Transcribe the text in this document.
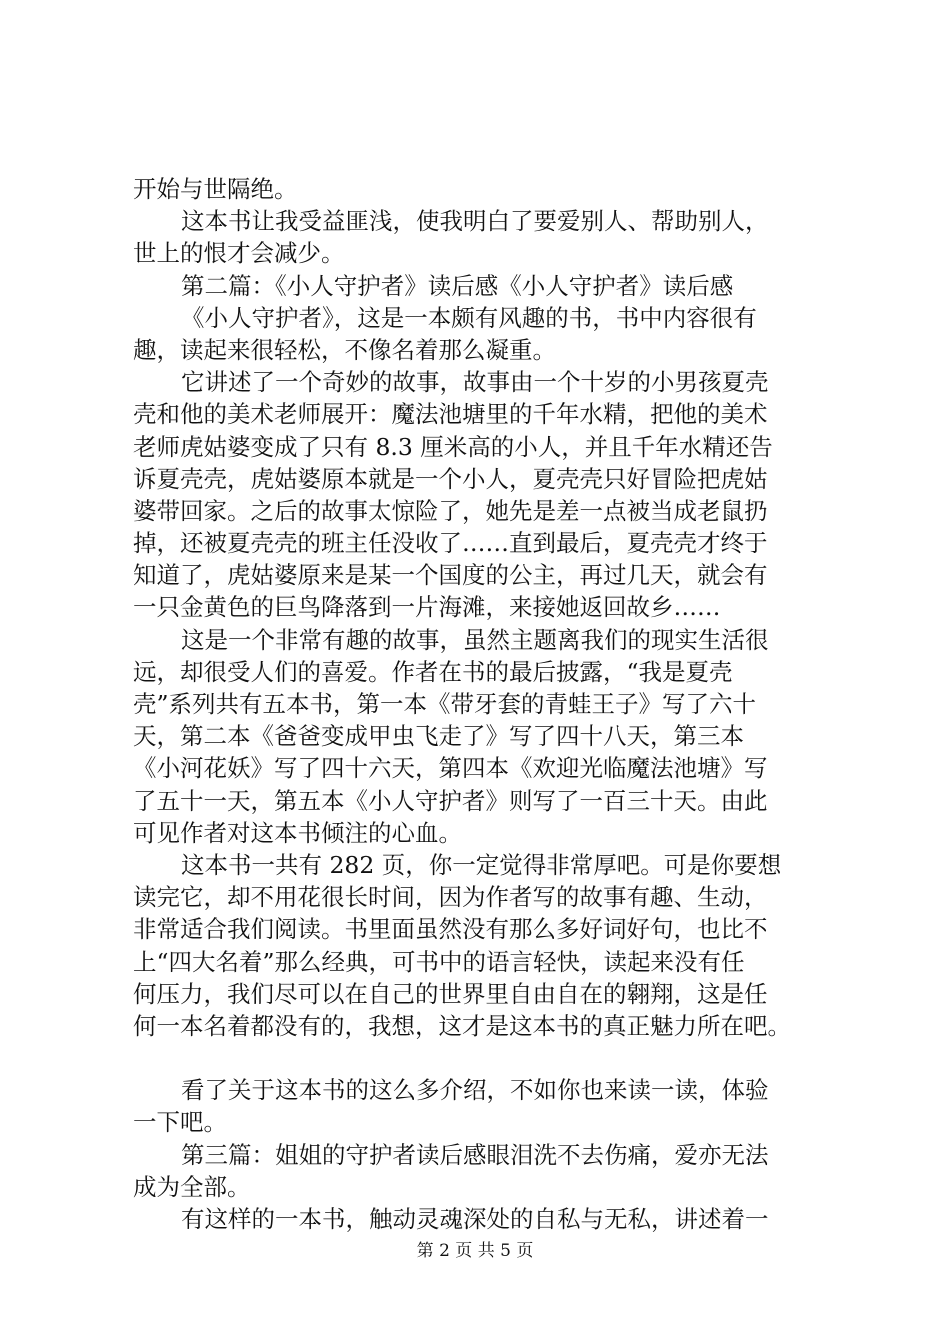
开始与世隔绝。
这本书让我受益匪浅，使我明白了要爱别人、帮助别人，
世上的恨才会减少。
第二篇：《小人守护者》读后感《小人守护者》读后感
《小人守护者》，这是一本颇有风趣的书，书中内容很有
趣，读起来很轻松，不像名着那么凝重。
它讲述了一个奇妙的故事，故事由一个十岁的小男孩夏壳
壳和他的美术老师展开：魔法池塘里的千年水精，把他的美术
老师虎姑婆变成了只有 8.3 厘米高的小人，并且千年水精还告
诉夏壳壳，虎姑婆原本就是一个小人，夏壳壳只好冒险把虎姑
婆带回家。之后的故事太惊险了，她先是差一点被当成老鼠扔
掉，还被夏壳壳的班主任没收了……直到最后，夏壳壳才终于
知道了，虎姑婆原来是某一个国度的公主，再过几天，就会有
一只金黄色的巨鸟降落到一片海滩，来接她返回故乡……
这是一个非常有趣的故事，虽然主题离我们的现实生活很
远，却很受人们的喜爱。作者在书的最后披露，“我是夏壳
壳”系列共有五本书，第一本《带牙套的青蛙王子》写了六十
天，第二本《爸爸变成甲虫飞走了》写了四十八天，第三本
《小河花妖》写了四十六天，第四本《欢迎光临魔法池塘》写
了五十一天，第五本《小人守护者》则写了一百三十天。由此
可见作者对这本书倾注的心血。
这本书一共有 282 页，你一定觉得非常厚吧。可是你要想
读完它，却不用花很长时间，因为作者写的故事有趣、生动，
非常适合我们阅读。书里面虽然没有那么多好词好句，也比不
上“四大名着”那么经典，可书中的语言轻快，读起来没有任
何压力，我们尽可以在自己的世界里自由自在的翱翔，这是任
何一本名着都没有的，我想，这才是这本书的真正魅力所在吧。
看了关于这本书的这么多介绍，不如你也来读一读，体验
一下吧。
第三篇：姐姐的守护者读后感眼泪洗不去伤痛，爱亦无法
成为全部。
有这样的一本书，触动灵魂深处的自私与无私，讲述着一
第 2 页 共 5 页
